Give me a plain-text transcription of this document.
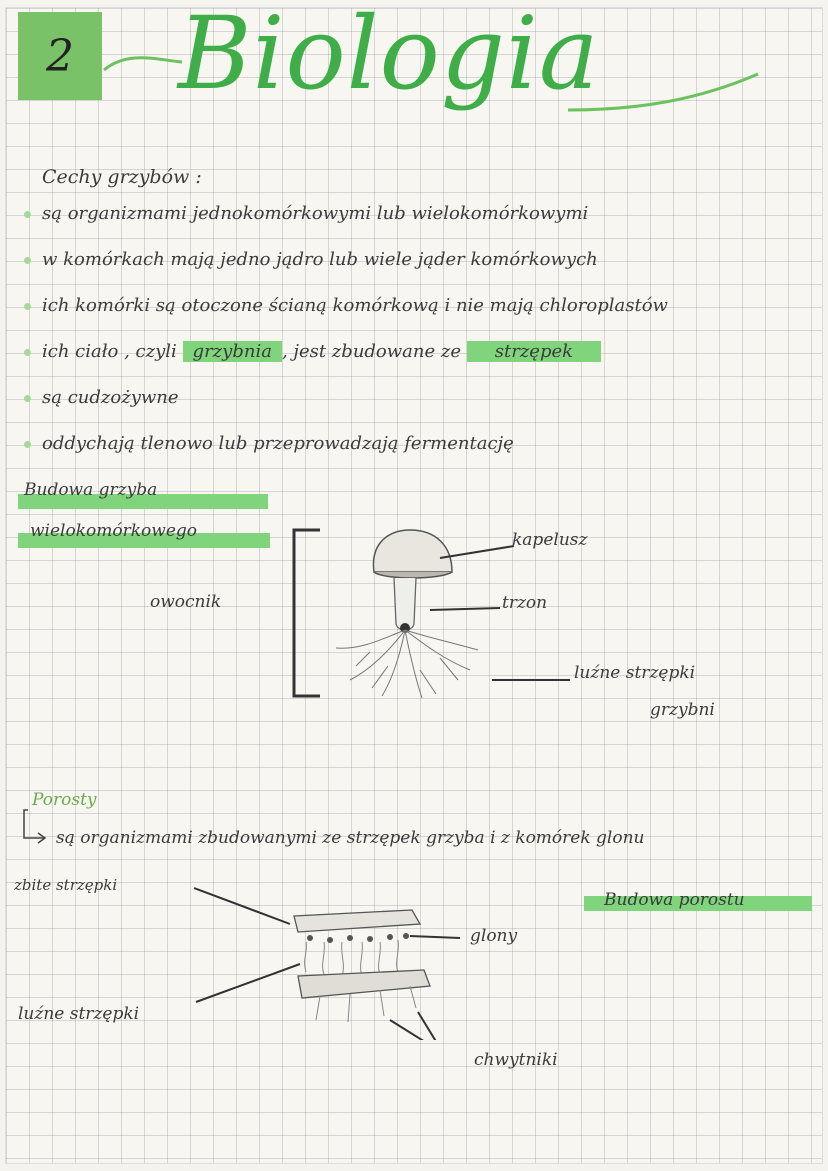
2 Biologia
Cechy grzybów :
są organizmami jednokomórkowymi lub wielokomórkowymi
w komórkach mają jedno jądro lub wiele jąder komórkowych
ich komórki są otoczone ścianą komórkową i nie mają chloroplastów
ich ciało , czyli grzybnia , jest zbudowane ze strzępek
są cudzożywne
oddychają tlenowo lub przeprowadzają fermentację
Budowa grzyba
wielokomórkowego
owocnik
kapelusz
trzon
luźne strzępki
grzybni
Porosty
są organizmami zbudowanymi ze strzępek grzyba i z komórek glonu
zbite strzępki
Budowa porostu
glony
luźne strzępki
chwytniki
